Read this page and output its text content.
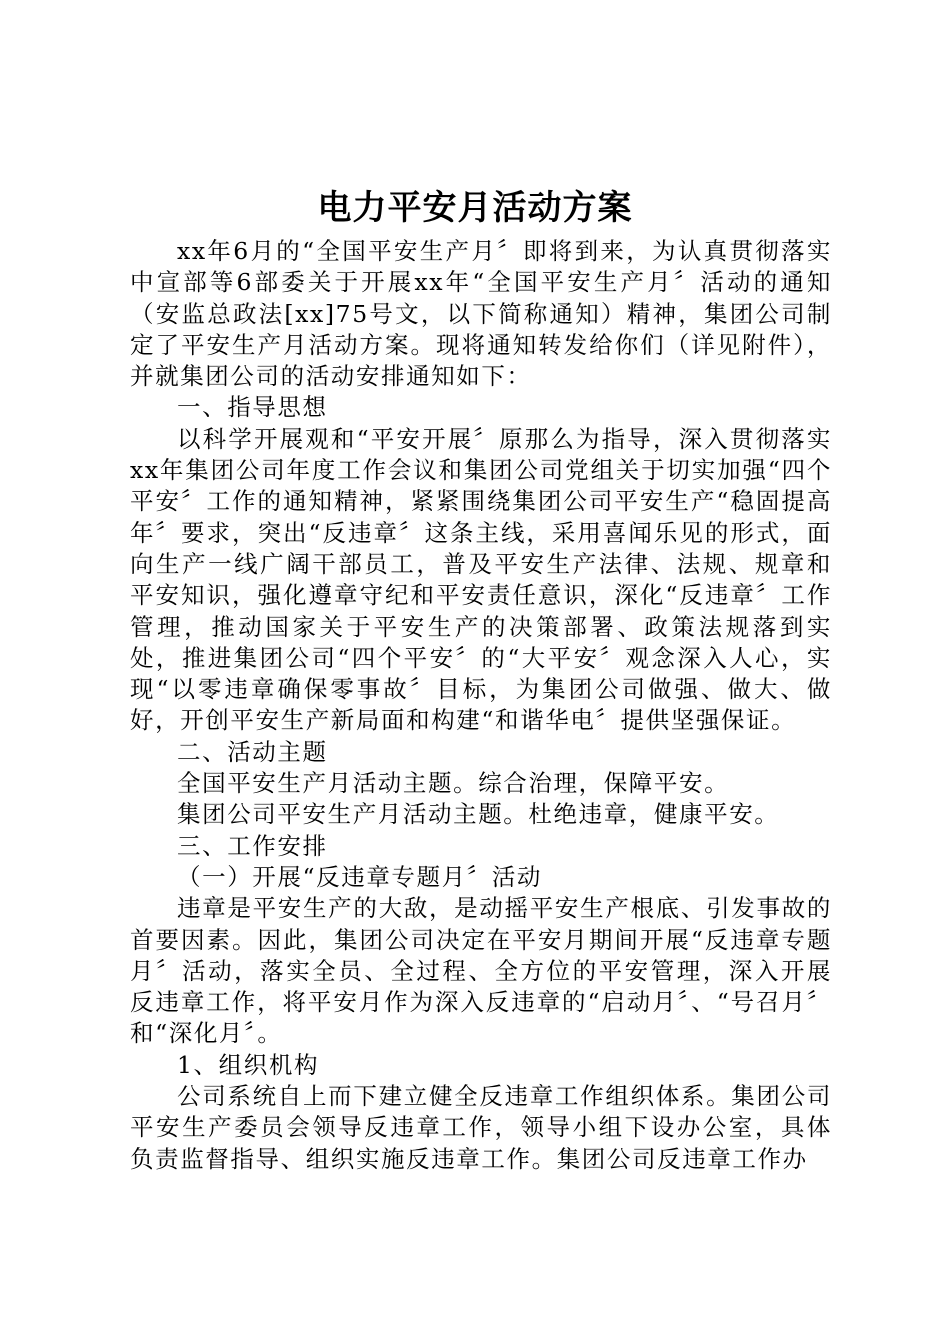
电力平安月活动方案

xx年6月的“全国平安生产月〞即将到来，为认真贯彻落实中宣部等6部委关于开展xx年“全国平安生产月〞活动的通知（安监总政法[xx]75号文，以下简称通知）精神，集团公司制定了平安生产月活动方案。现将通知转发给你们（详见附件），并就集团公司的活动安排通知如下：

一、指导思想

以科学开展观和“平安开展〞原那么为指导，深入贯彻落实xx年集团公司年度工作会议和集团公司党组关于切实加强“四个平安〞工作的通知精神，紧紧围绕集团公司平安生产“稳固提高年〞要求，突出“反违章〞这条主线，采用喜闻乐见的形式，面向生产一线广阔干部员工，普及平安生产法律、法规、规章和平安知识，强化遵章守纪和平安责任意识，深化“反违章〞工作管理，推动国家关于平安生产的决策部署、政策法规落到实处，推进集团公司“四个平安〞的“大平安〞观念深入人心，实现“以零违章确保零事故〞目标，为集团公司做强、做大、做好，开创平安生产新局面和构建“和谐华电〞提供坚强保证。

二、活动主题

全国平安生产月活动主题。综合治理，保障平安。

集团公司平安生产月活动主题。杜绝违章，健康平安。

三、工作安排

（一）开展“反违章专题月〞活动

违章是平安生产的大敌，是动摇平安生产根底、引发事故的首要因素。因此，集团公司决定在平安月期间开展“反违章专题月〞活动，落实全员、全过程、全方位的平安管理，深入开展反违章工作，将平安月作为深入反违章的“启动月〞、“号召月〞和“深化月〞。

1、组织机构

公司系统自上而下建立健全反违章工作组织体系。集团公司平安生产委员会领导反违章工作，领导小组下设办公室，具体负责监督指导、组织实施反违章工作。集团公司反违章工作办
